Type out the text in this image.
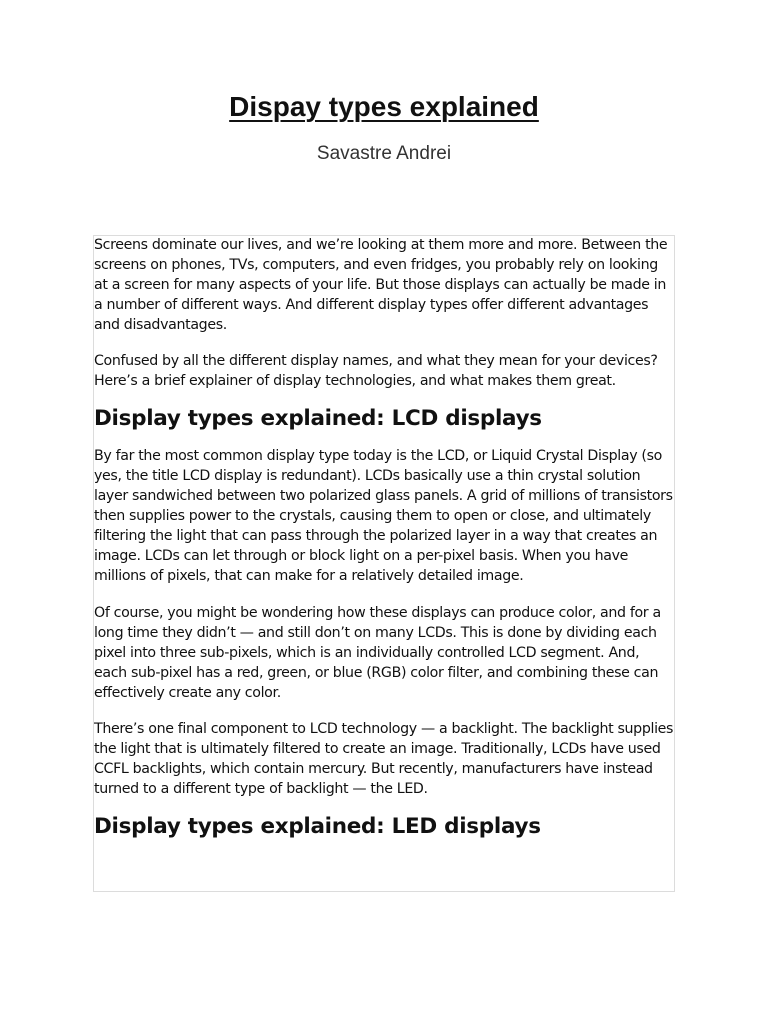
Dispay types explained
Savastre Andrei

Screens dominate our lives, and we’re looking at them more and more. Between the screens on phones, TVs, computers, and even fridges, you probably rely on looking at a screen for many aspects of your life. But those displays can actually be made in a number of different ways. And different display types offer different advantages and disadvantages.

Confused by all the different display names, and what they mean for your devices? Here’s a brief explainer of display technologies, and what makes them great.

Display types explained: LCD displays

By far the most common display type today is the LCD, or Liquid Crystal Display (so yes, the title LCD display is redundant). LCDs basically use a thin crystal solution layer sandwiched between two polarized glass panels. A grid of millions of transistors then supplies power to the crystals, causing them to open or close, and ultimately filtering the light that can pass through the polarized layer in a way that creates an image. LCDs can let through or block light on a per-pixel basis. When you have millions of pixels, that can make for a relatively detailed image.

Of course, you might be wondering how these displays can produce color, and for a long time they didn’t — and still don’t on many LCDs. This is done by dividing each pixel into three sub-pixels, which is an individually controlled LCD segment. And, each sub-pixel has a red, green, or blue (RGB) color filter, and combining these can effectively create any color.

There’s one final component to LCD technology — a backlight. The backlight supplies the light that is ultimately filtered to create an image. Traditionally, LCDs have used CCFL backlights, which contain mercury. But recently, manufacturers have instead turned to a different type of backlight — the LED.

Display types explained: LED displays
